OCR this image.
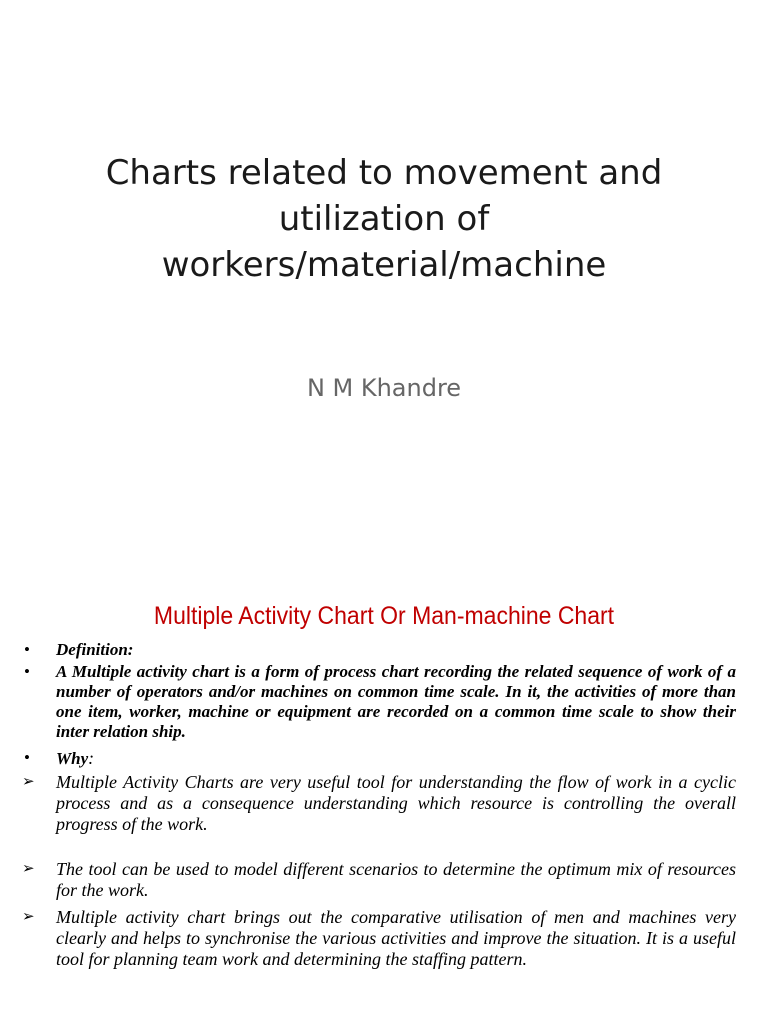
Charts related to movement and
utilization of
workers/material/machine
N M Khandre
Multiple Activity Chart Or Man-machine Chart
• Definition:
• A Multiple activity chart is a form of process chart recording the related sequence of work of a number of operators and/or machines on common time scale. In it, the activities of more than one item, worker, machine or equipment are recorded on a common time scale to show their inter relation ship.
• Why:
➢ Multiple Activity Charts are very useful tool for understanding the flow of work in a cyclic process and as a consequence understanding which resource is controlling the overall progress of the work.
➢ The tool can be used to model different scenarios to determine the optimum mix of resources for the work.
➢ Multiple activity chart brings out the comparative utilisation of men and machines very clearly and helps to synchronise the various activities and improve the situation. It is a useful tool for planning team work and determining the staffing pattern.
